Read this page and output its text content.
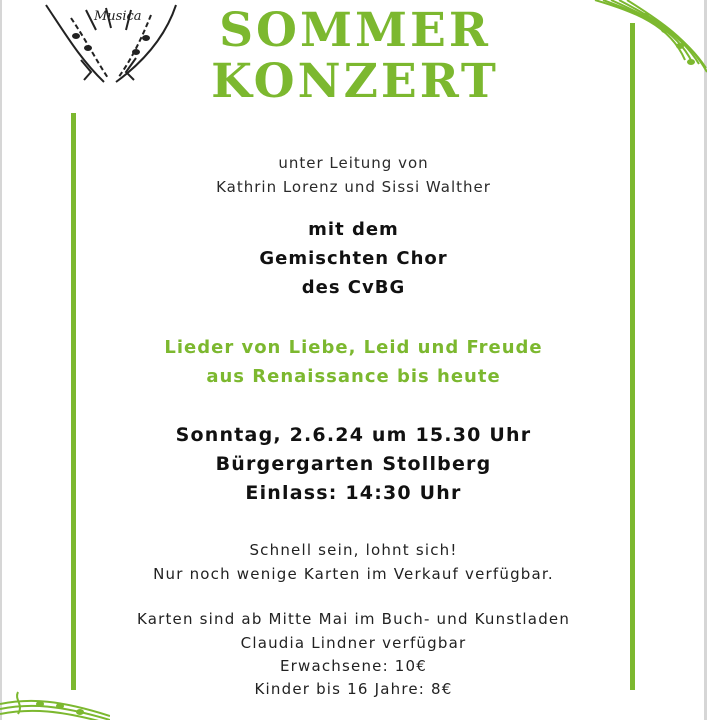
Musica	SOMMER
KONZERT

unter Leitung von

Kathrin Lorenz und Sissi Walther

mit dem

Gemischten Chor

des CvBG

Lieder von Liebe, Leid und Freude

aus Renaissance bis heute

Sonntag, 2.6.24 um 15.30 Uhr

Bürgergarten Stollberg

Einlass: 14:30 Uhr

Schnell sein, lohnt sich!

Nur noch wenige Karten im Verkauf verfügbar.

Karten sind ab Mitte Mai im Buch- und Kunstladen

Claudia Lindner verfügbar

Erwachsene: 10€

Kinder bis 16 Jahre: 8€
